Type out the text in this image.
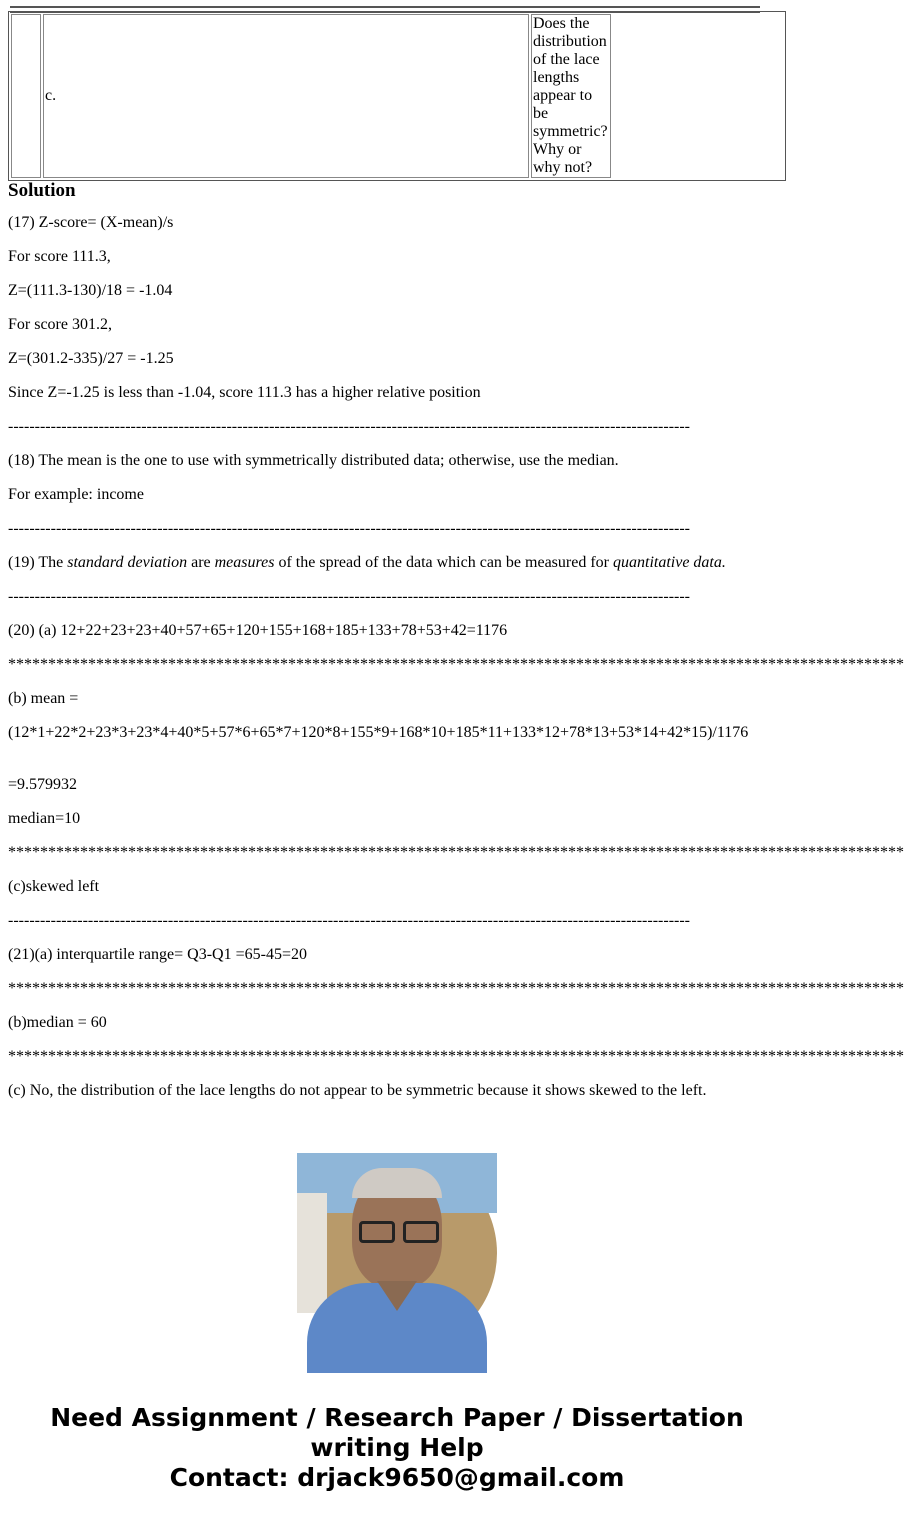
	c.	Does the distribution of the lace lengths appear to be symmetric? Why or why not?	
Solution

(17) Z-score= (X-mean)/s

For score 111.3,

Z=(111.3-130)/18 = -1.04

For score 301.2,

Z=(301.2-335)/27 = -1.25

Since Z=-1.25 is less than -1.04, score 111.3 has a higher relative position

--------------------------------------------------------------------------------------------------------------------------------

(18) The mean is the one to use with symmetrically distributed data; otherwise, use the median.

For example: income

--------------------------------------------------------------------------------------------------------------------------------

(19) The standard deviation are measures of the spread of the data which can be measured for quantitative data.

--------------------------------------------------------------------------------------------------------------------------------

(20) (a) 12+22+23+23+40+57+65+120+155+168+185+133+78+53+42=1176

****************************************************************************************************************

(b) mean =

(12*1+22*2+23*3+23*4+40*5+57*6+65*7+120*8+155*9+168*10+185*11+133*12+78*13+53*14+42*15)/1176

=9.579932

median=10

****************************************************************************************************************

(c)skewed left

--------------------------------------------------------------------------------------------------------------------------------

(21)(a) interquartile range= Q3-Q1 =65-45=20

****************************************************************************************************************

(b)median = 60

****************************************************************************************************************

(c) No, the distribution of the lace lengths do not appear to be symmetric because it shows skewed to the left.

Need Assignment / Research Paper / Dissertation
writing Help
Contact: drjack9650@gmail.com
